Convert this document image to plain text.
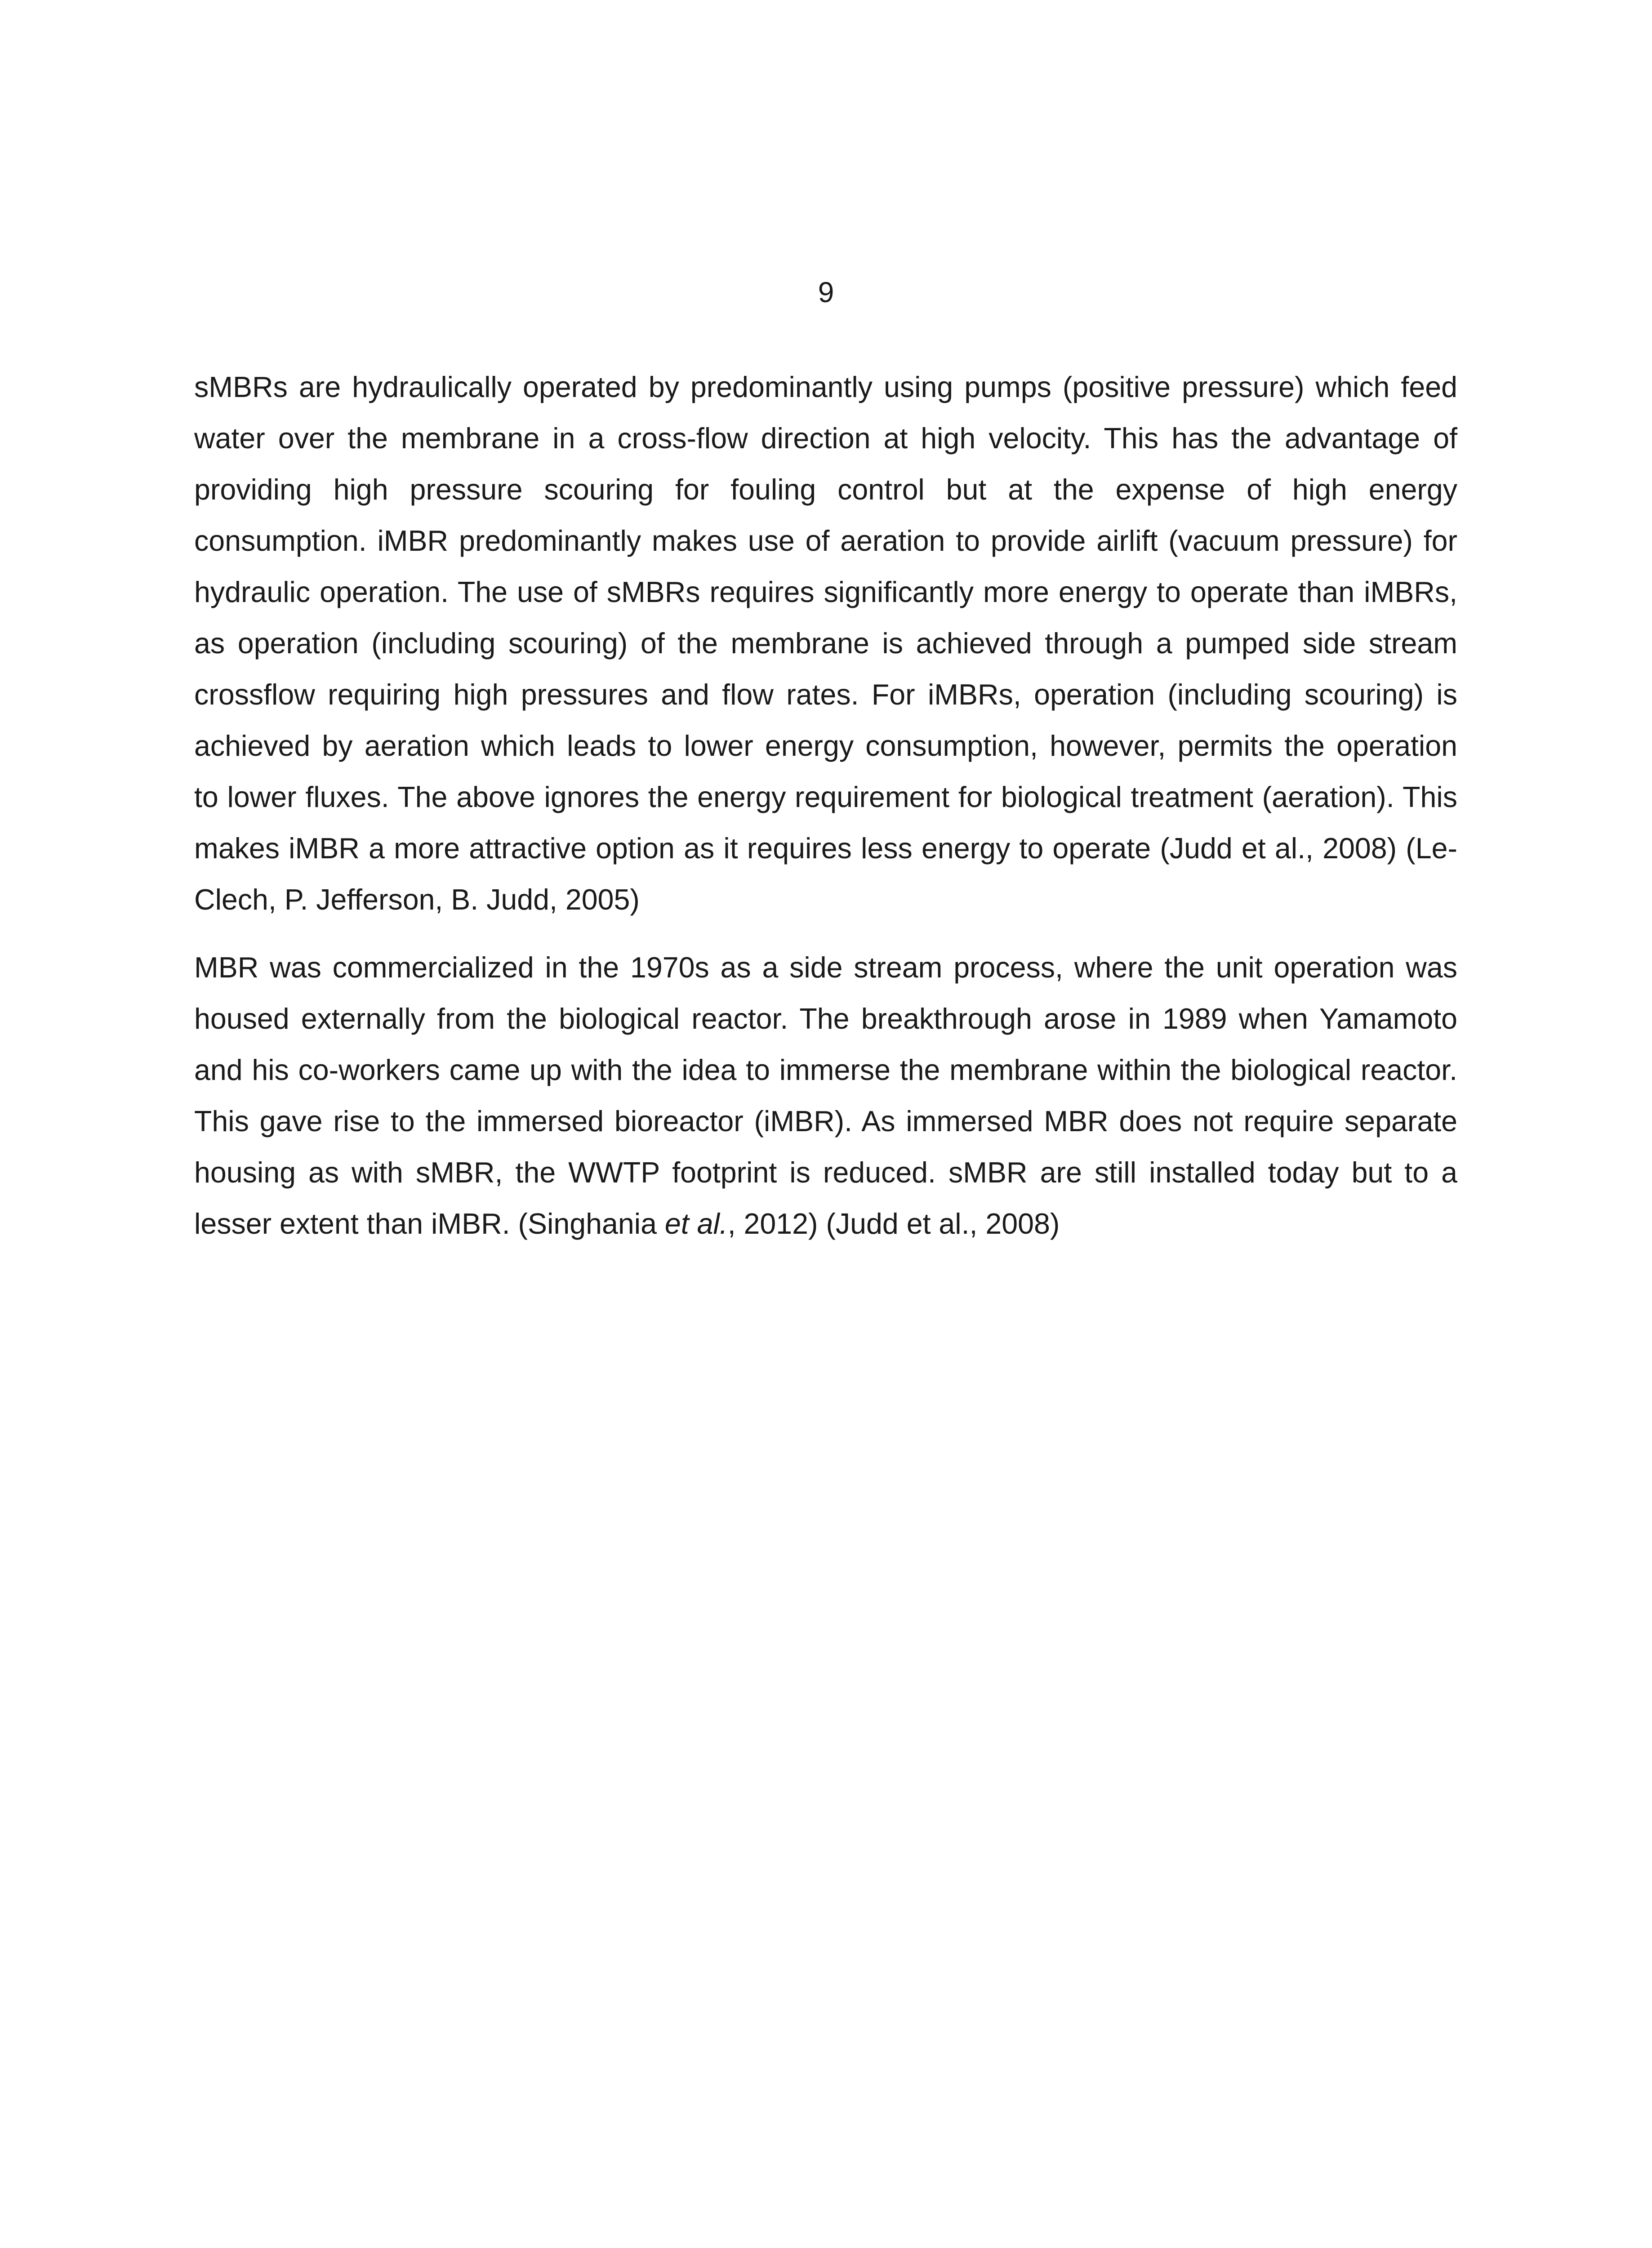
9
sMBRs are hydraulically operated by predominantly using pumps (positive pressure) which feed
water over the membrane in a cross-flow direction at high velocity. This has the advantage of
providing high pressure scouring for fouling control but at the expense of high energy
consumption. iMBR predominantly makes use of aeration to provide airlift (vacuum pressure) for
hydraulic operation. The use of sMBRs requires significantly more energy to operate than iMBRs,
as operation (including scouring) of the membrane is achieved through a pumped side stream
crossflow requiring high pressures and flow rates. For iMBRs, operation (including scouring) is
achieved by aeration which leads to lower energy consumption, however, permits the operation
to lower fluxes. The above ignores the energy requirement for biological treatment (aeration). This
makes iMBR a more attractive option as it requires less energy to operate (Judd et al., 2008) (Le-
Clech, P. Jefferson, B. Judd, 2005)
MBR was commercialized in the 1970s as a side stream process, where the unit operation was
housed externally from the biological reactor. The breakthrough arose in 1989 when Yamamoto
and his co-workers came up with the idea to immerse the membrane within the biological reactor.
This gave rise to the immersed bioreactor (iMBR). As immersed MBR does not require separate
housing as with sMBR, the WWTP footprint is reduced. sMBR are still installed today but to a
lesser extent than iMBR. (Singhania et al., 2012) (Judd et al., 2008)
